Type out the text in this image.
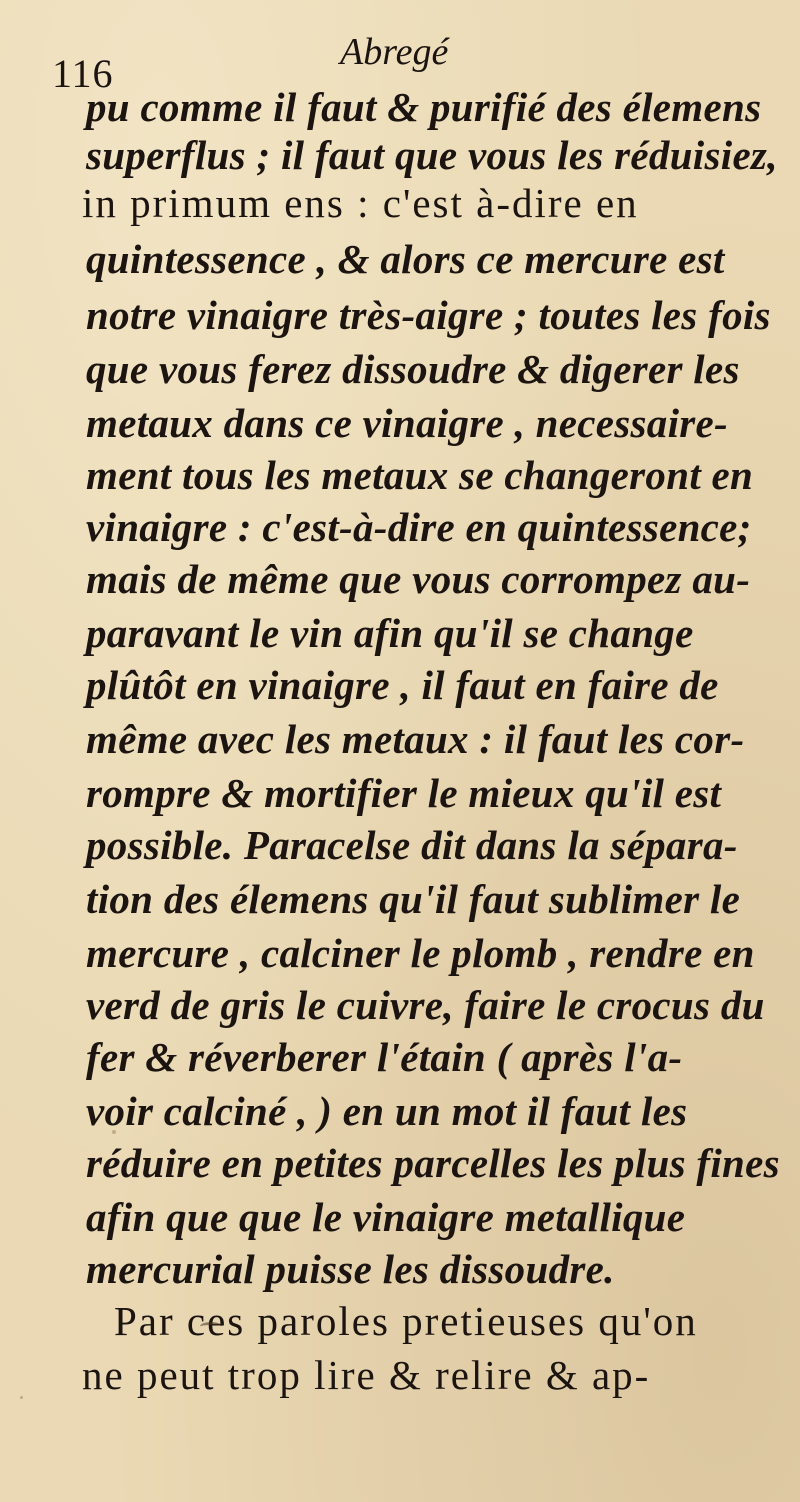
116	Abregé
pu comme il faut & purifié des élemens
superflus ; il faut que vous les réduisiez,
in primum ens : c'est à-dire en
quintessence , & alors ce mercure est
notre vinaigre très-aigre ; toutes les fois
que vous ferez dissoudre & digerer les
metaux dans ce vinaigre , necessaire-
ment tous les metaux se changeront en
vinaigre : c'est-à-dire en quintessence;
mais de même que vous corrompez au-
paravant le vin afin qu'il se change
plûtôt en vinaigre , il faut en faire de
même avec les metaux : il faut les cor-
rompre & mortifier le mieux qu'il est
possible. Paracelse dit dans la sépara-
tion des élemens qu'il faut sublimer le
mercure , calciner le plomb , rendre en
verd de gris le cuivre, faire le crocus du
fer & réverberer l'étain ( après l'a-
voir calciné , ) en un mot il faut les
réduire en petites parcelles les plus fines
afin que que le vinaigre metallique
mercurial puisse les dissoudre.
Par ces paroles pretieuses qu'on
ne peut trop lire & relire & ap-
